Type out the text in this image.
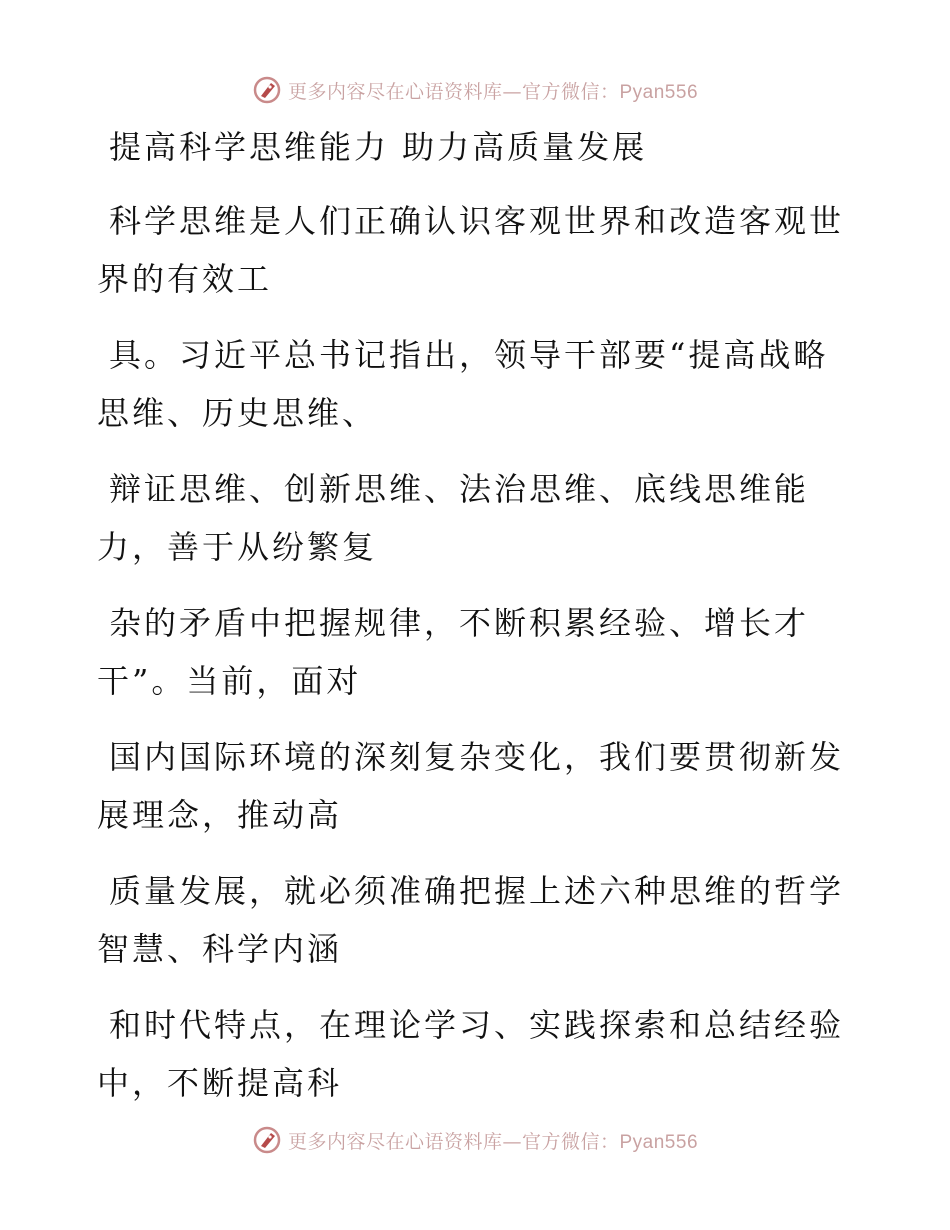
更多内容尽在心语资料库—官方微信：Pyan556
提高科学思维能力 助力高质量发展
科学思维是人们正确认识客观世界和改造客观世
界的有效工
具。习近平总书记指出，领导干部要“提高战略
思维、历史思维、
辩证思维、创新思维、法治思维、底线思维能
力，善于从纷繁复
杂的矛盾中把握规律，不断积累经验、增长才
干”。当前，面对
国内国际环境的深刻复杂变化，我们要贯彻新发
展理念，推动高
质量发展，就必须准确把握上述六种思维的哲学
智慧、科学内涵
和时代特点，在理论学习、实践探索和总结经验
中，不断提高科
更多内容尽在心语资料库—官方微信：Pyan556
